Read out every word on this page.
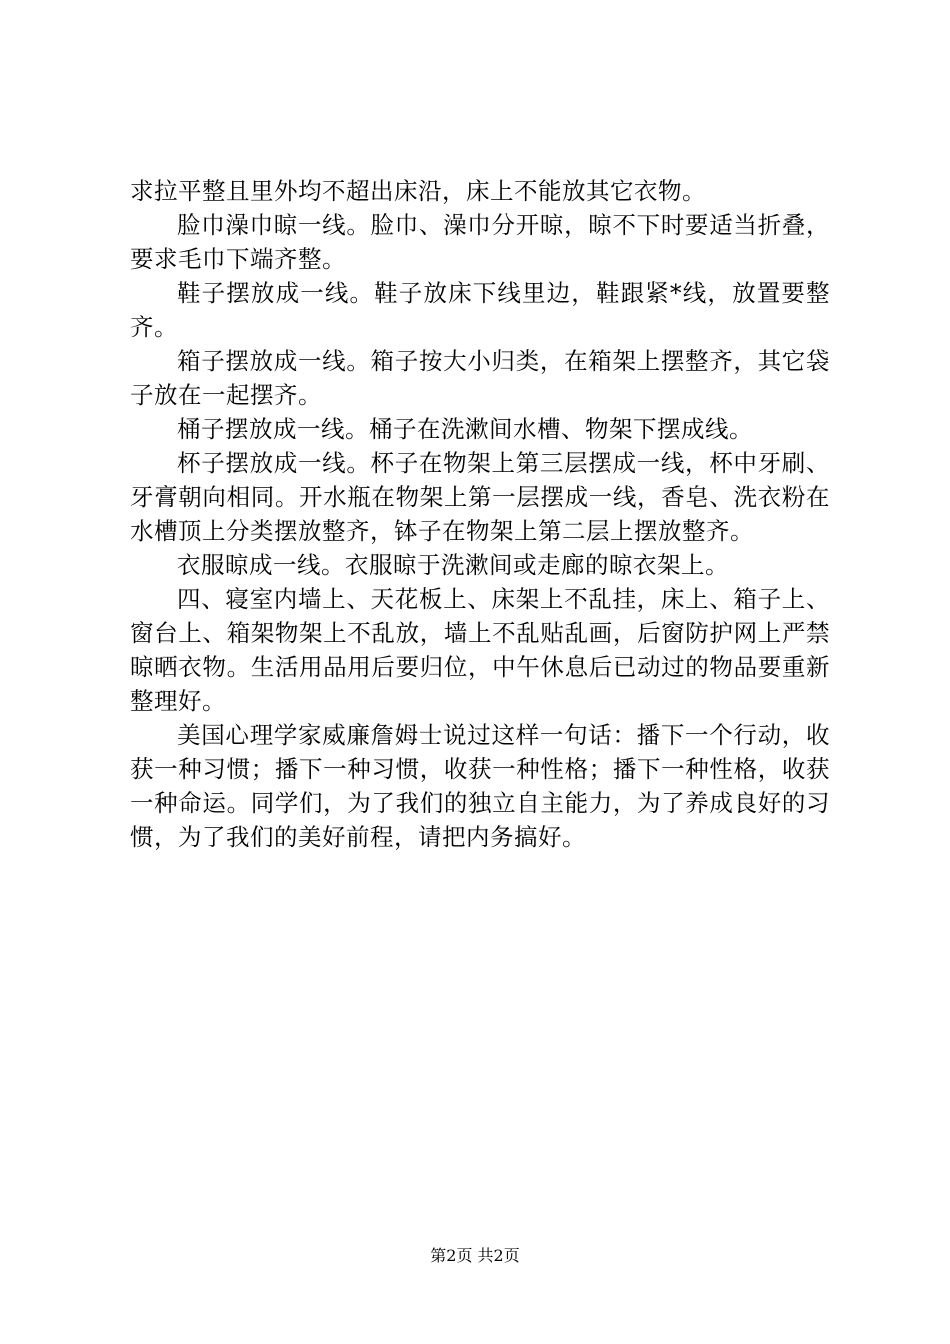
求拉平整且里外均不超出床沿，床上不能放其它衣物。

脸巾澡巾晾一线。脸巾、澡巾分开晾，晾不下时要适当折叠，要求毛巾下端齐整。

鞋子摆放成一线。鞋子放床下线里边，鞋跟紧*线，放置要整齐。

箱子摆放成一线。箱子按大小归类，在箱架上摆整齐，其它袋子放在一起摆齐。

桶子摆放成一线。桶子在洗漱间水槽、物架下摆成线。

杯子摆放成一线。杯子在物架上第三层摆成一线，杯中牙刷、牙膏朝向相同。开水瓶在物架上第一层摆成一线，香皂、洗衣粉在水槽顶上分类摆放整齐，钵子在物架上第二层上摆放整齐。

衣服晾成一线。衣服晾于洗漱间或走廊的晾衣架上。

四、寝室内墙上、天花板上、床架上不乱挂，床上、箱子上、窗台上、箱架物架上不乱放，墙上不乱贴乱画，后窗防护网上严禁晾晒衣物。生活用品用后要归位，中午休息后已动过的物品要重新整理好。

美国心理学家威廉詹姆士说过这样一句话：播下一个行动，收获一种习惯；播下一种习惯，收获一种性格；播下一种性格，收获一种命运。同学们，为了我们的独立自主能力，为了养成良好的习惯，为了我们的美好前程，请把内务搞好。

第2页 共2页
